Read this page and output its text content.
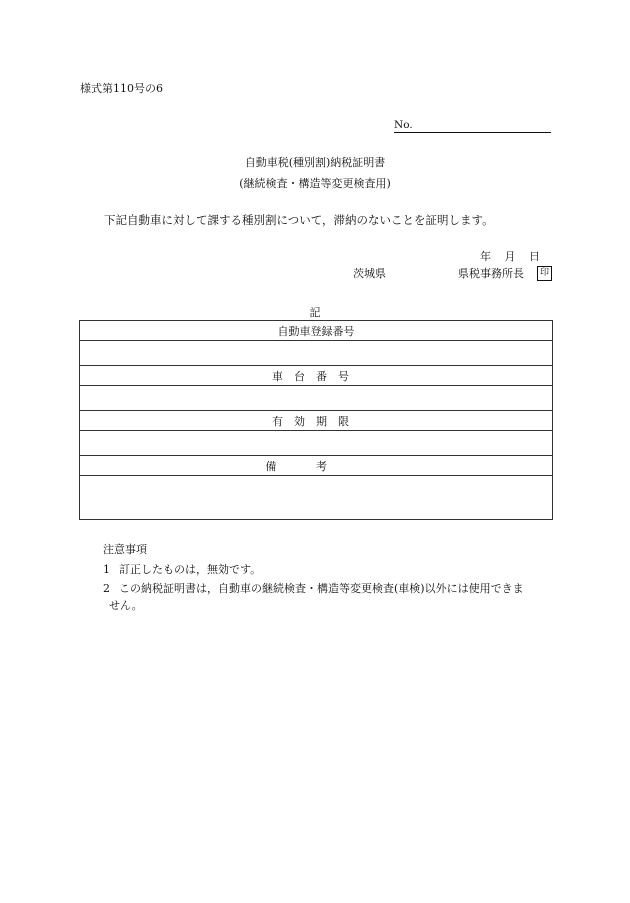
様式第110号の6
No.
自動車税(種別割)納税証明書
(継続検査・構造等変更検査用)
下記自動車に対して課する種別割について，滞納のないことを証明します。
年 月 日
茨城県	県税事務所長	印
記
自動車登録番号

車台番号

有効期限

備考

注意事項
1 訂正したものは，無効です。
2 この納税証明書は，自動車の継続検査・構造等変更検査(車検)以外には使用できま
せん。
